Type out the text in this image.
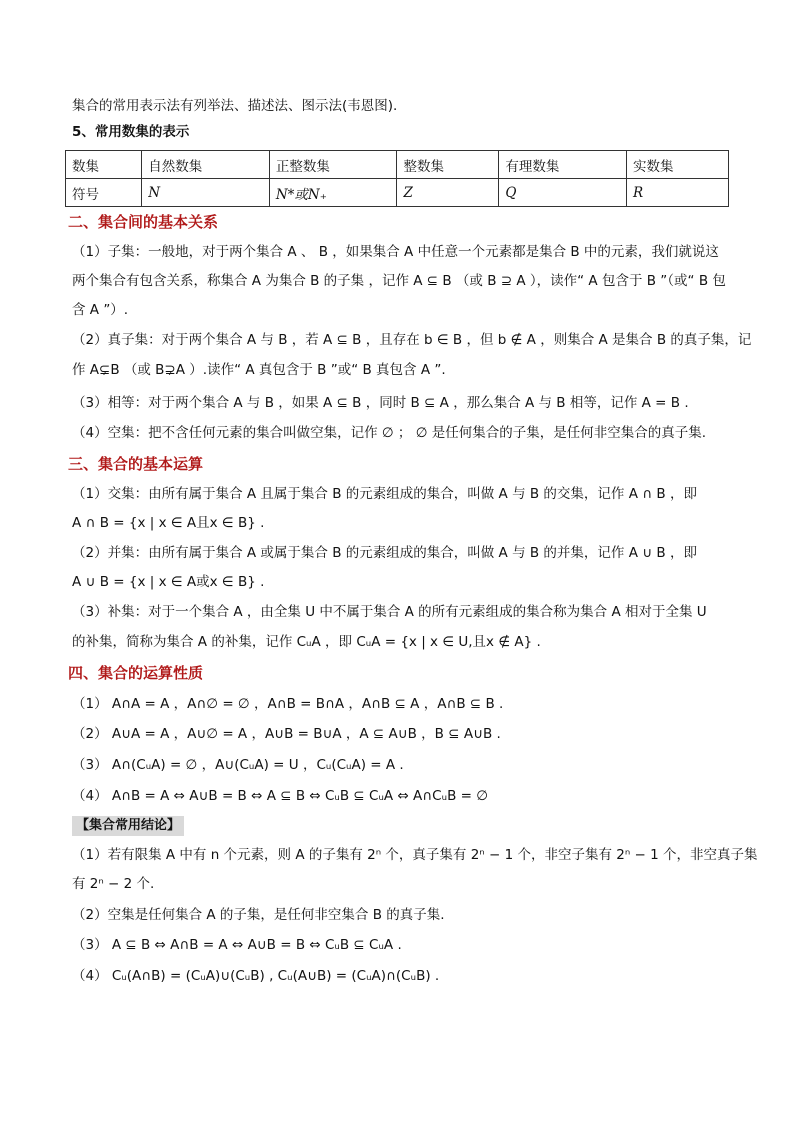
集合的常用表示法有列举法、描述法、图示法(韦恩图).
5、常用数集的表示
数集	自然数集	正整数集	整数集	有理数集	实数集
符号	N	N*或N₊	Z	Q	R
二、集合间的基本关系
（1）子集：一般地，对于两个集合 A 、 B ，如果集合 A 中任意一个元素都是集合 B 中的元素，我们就说这
两个集合有包含关系，称集合 A 为集合 B 的子集 ，记作 A ⊆ B （或 B ⊇ A ），读作“ A 包含于 B ”（或“ B 包
含 A ”）.
（2）真子集：对于两个集合 A 与 B ，若 A ⊆ B ，且存在 b ∈ B ，但 b ∉ A ，则集合 A 是集合 B 的真子集，记
作 A⊊B （或 B⊋A ）.读作“ A 真包含于 B ”或“ B 真包含 A ”.
（3）相等：对于两个集合 A 与 B ，如果 A ⊆ B ，同时 B ⊆ A ，那么集合 A 与 B 相等，记作 A = B .
（4）空集：把不含任何元素的集合叫做空集，记作 ∅ ； ∅ 是任何集合的子集，是任何非空集合的真子集.
三、集合的基本运算
（1）交集：由所有属于集合 A 且属于集合 B 的元素组成的集合，叫做 A 与 B 的交集，记作 A ∩ B ，即
A ∩ B = {x | x ∈ A且x ∈ B} .
（2）并集：由所有属于集合 A 或属于集合 B 的元素组成的集合，叫做 A 与 B 的并集，记作 A ∪ B ，即
A ∪ B = {x | x ∈ A或x ∈ B} .
（3）补集：对于一个集合 A ，由全集 U 中不属于集合 A 的所有元素组成的集合称为集合 A 相对于全集 U
的补集，简称为集合 A 的补集，记作 CᵤA ，即 CᵤA = {x | x ∈ U,且x ∉ A} .
四、集合的运算性质
（1） A∩A = A ，A∩∅ = ∅ ，A∩B = B∩A ，A∩B ⊆ A ，A∩B ⊆ B .
（2） A∪A = A ，A∪∅ = A ，A∪B = B∪A ，A ⊆ A∪B ，B ⊆ A∪B .
（3） A∩(CᵤA) = ∅ ，A∪(CᵤA) = U ，Cᵤ(CᵤA) = A .
（4） A∩B = A ⇔ A∪B = B ⇔ A ⊆ B ⇔ CᵤB ⊆ CᵤA ⇔ A∩CᵤB = ∅
【集合常用结论】
（1）若有限集 A 中有 n 个元素，则 A 的子集有 2ⁿ 个，真子集有 2ⁿ − 1 个，非空子集有 2ⁿ − 1 个，非空真子集
有 2ⁿ − 2 个.
（2）空集是任何集合 A 的子集，是任何非空集合 B 的真子集.
（3） A ⊆ B ⇔ A∩B = A ⇔ A∪B = B ⇔ CᵤB ⊆ CᵤA .
（4） Cᵤ(A∩B) = (CᵤA)∪(CᵤB) , Cᵤ(A∪B) = (CᵤA)∩(CᵤB) .
